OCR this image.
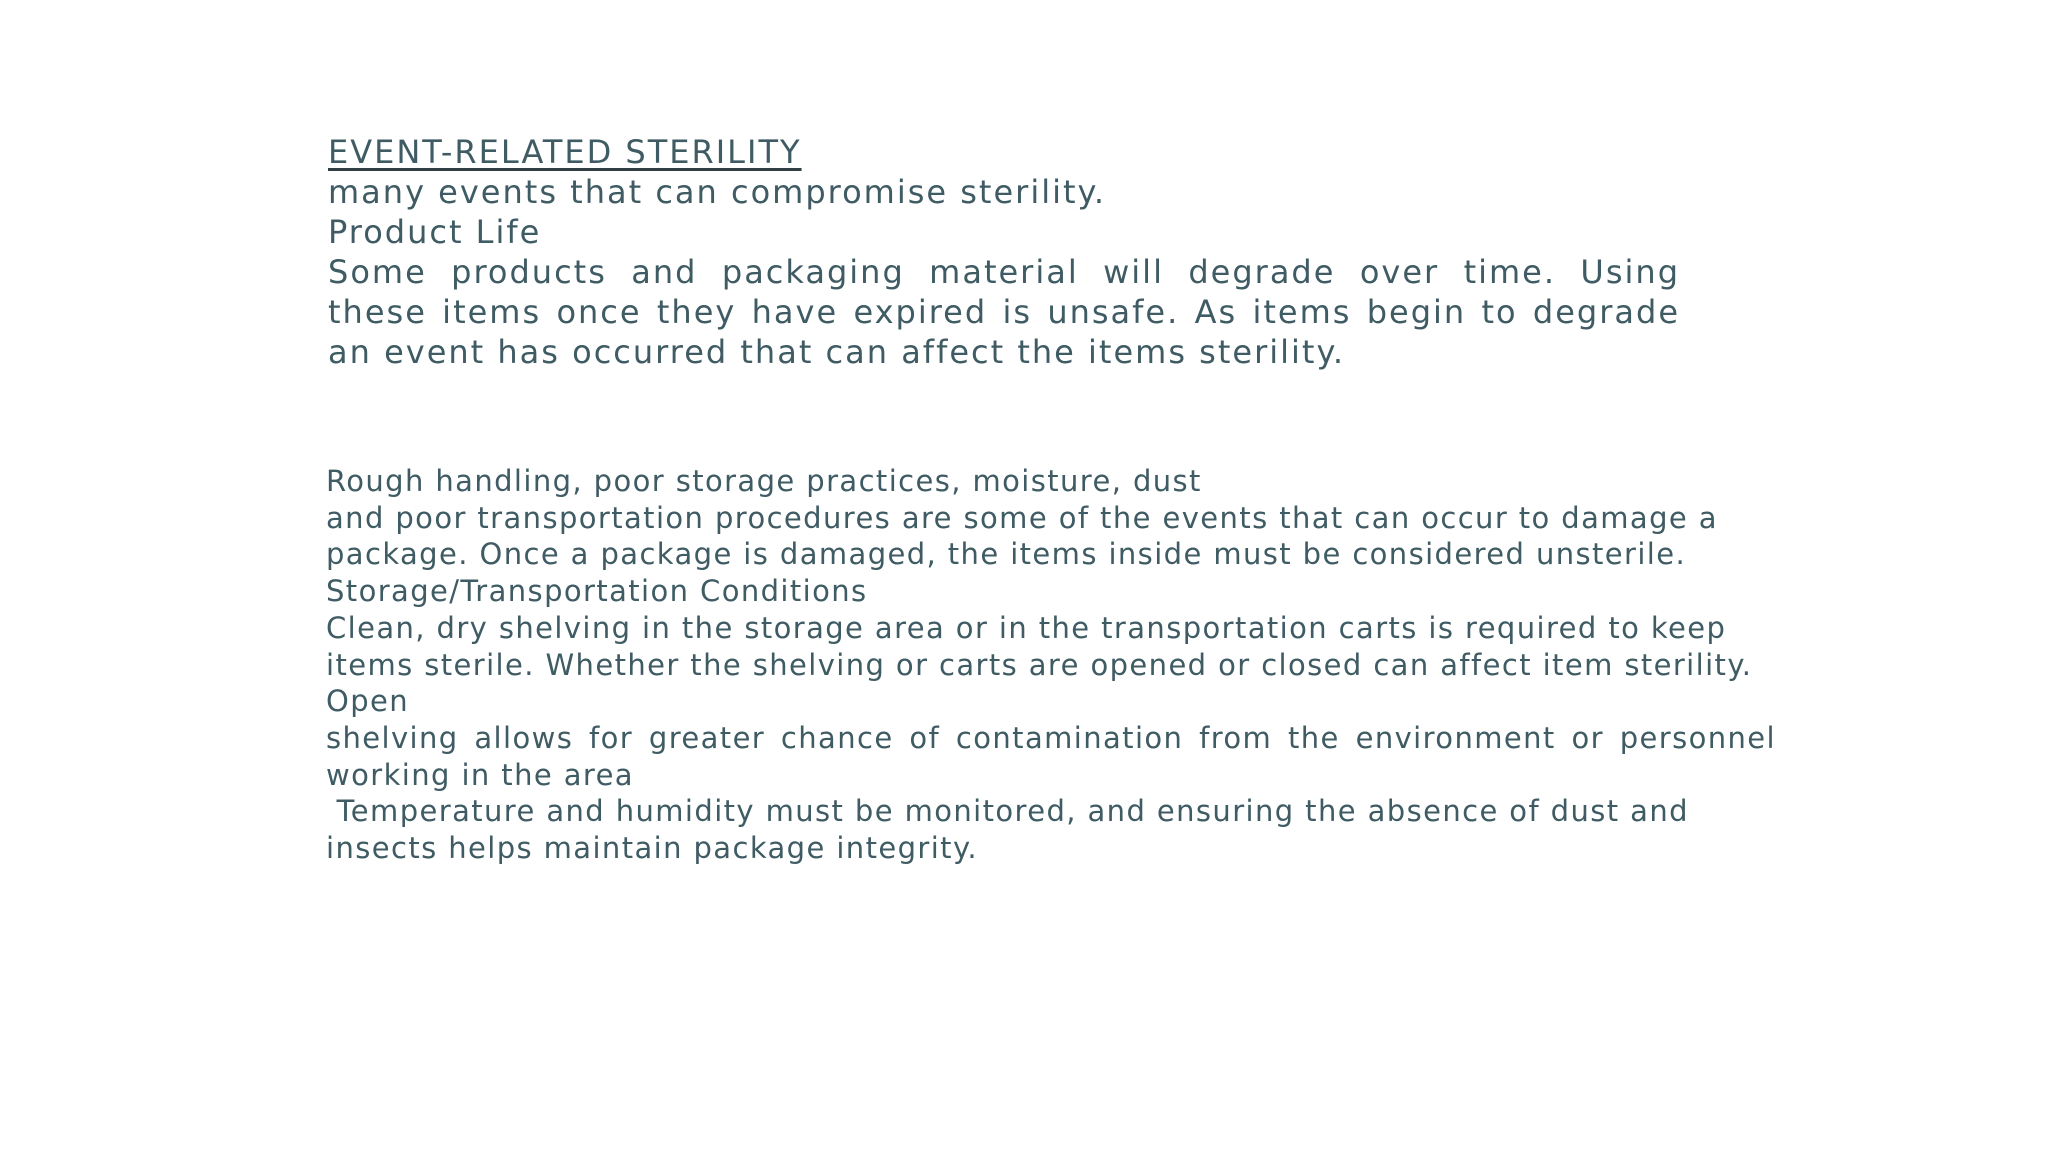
EVENT-RELATED STERILITY

many events that can compromise sterility.

Product Life

Some products and packaging material will degrade over time. Using these items once they have expired is unsafe. As items begin to degrade an event has occurred that can affect the items sterility.

Rough handling, poor storage practices, moisture, dust

and poor transportation procedures are some of the events that can occur to damage a package. Once a package is damaged, the items inside must be considered unsterile.

Storage/Transportation Conditions

Clean, dry shelving in the storage area or in the transportation carts is required to keep items sterile. Whether the shelving or carts are opened or closed can affect item sterility. Open

shelving allows for greater chance of contamination from the environment or personnel working in the area

Temperature and humidity must be monitored, and ensuring the absence of dust and insects helps maintain package integrity.
